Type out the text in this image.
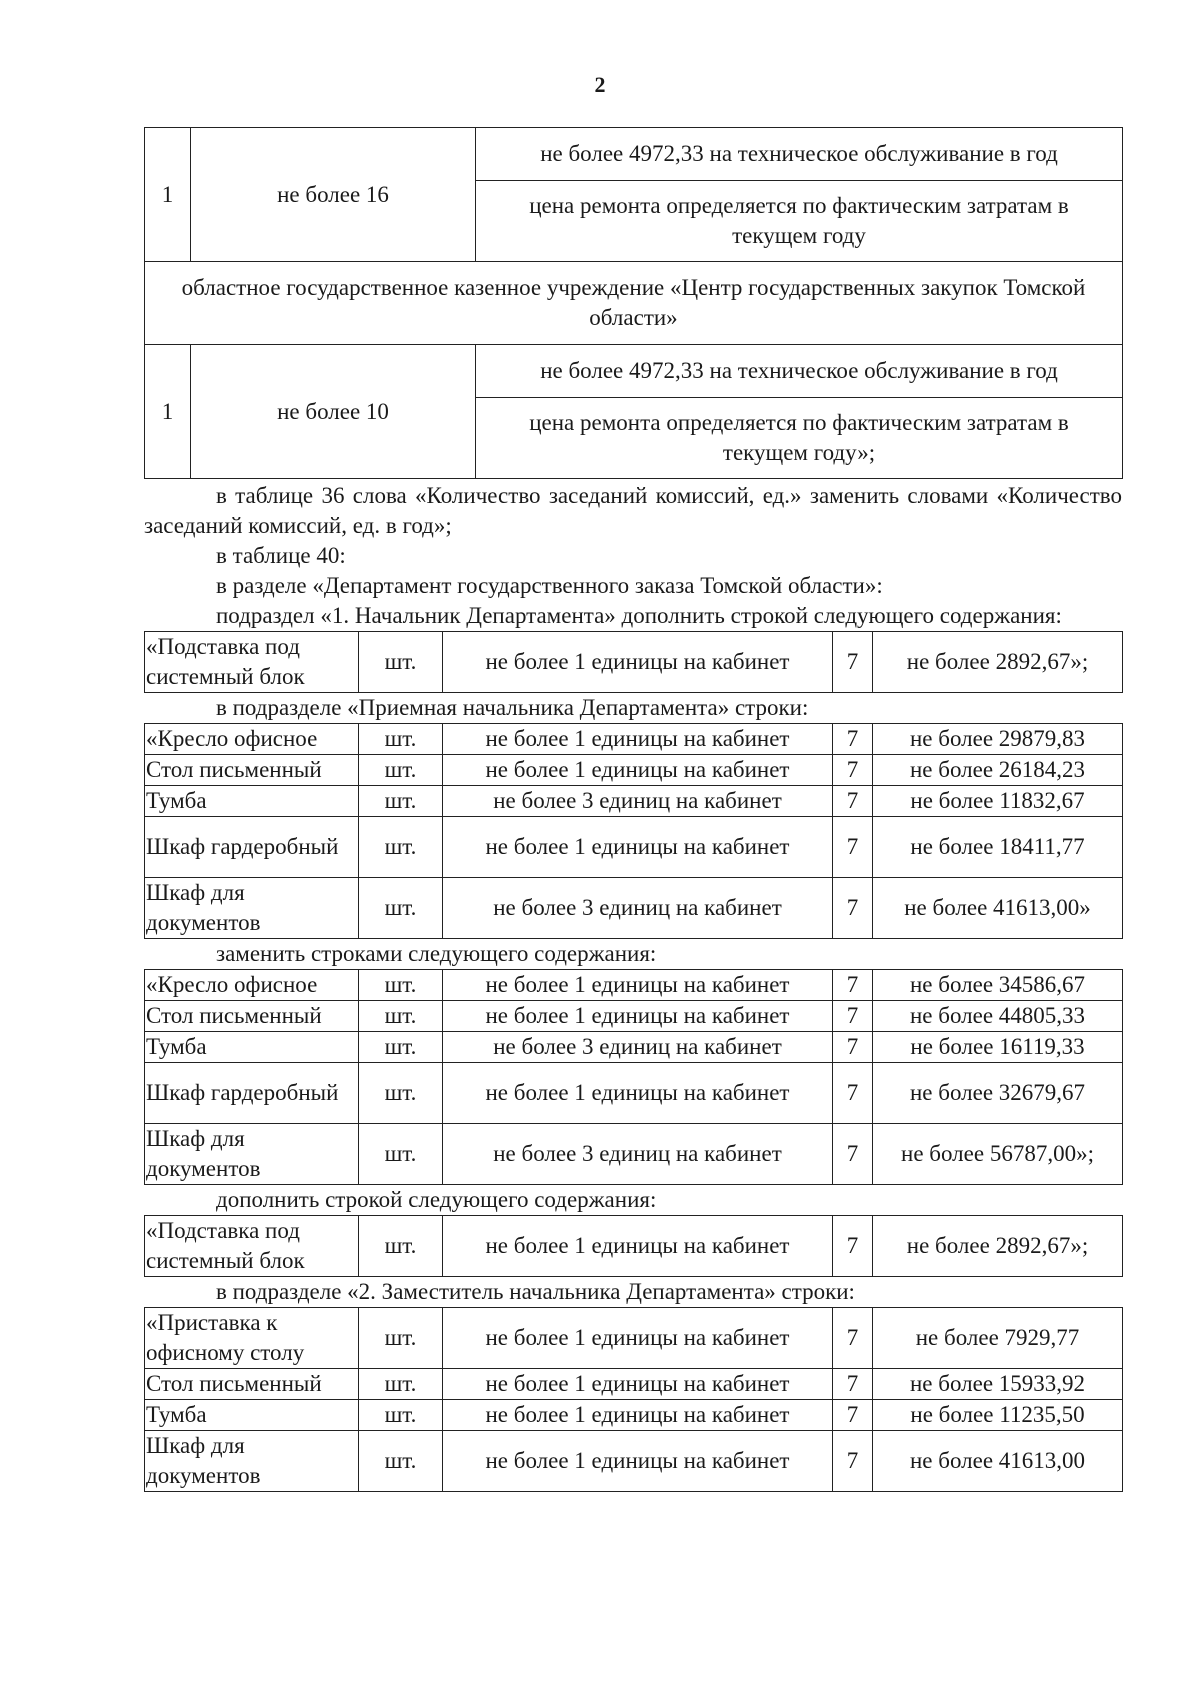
2
1	не более 16	не более 4972,33 на техническое обслуживание в год
		цена ремонта определяется по фактическим затратам в текущем году
областное государственное казенное учреждение «Центр государственных закупок Томской области»		
1	не более 10	не более 4972,33 на техническое обслуживание в год
		цена ремонта определяется по фактическим затратам в текущем году»;

в таблице 36 слова «Количество заседаний комиссий, ед.» заменить словами «Количество заседаний комиссий, ед. в год»;

в таблице 40:

в разделе «Департамент государственного заказа Томской области»:

подраздел «1. Начальник Департамента» дополнить строкой следующего содержания:

«Подставка под системный блок	шт.	не более 1 единицы на кабинет	7	не более 2892,67»;

в подразделе «Приемная начальника Департамента» строки:

«Кресло офисное	шт.	не более 1 единицы на кабинет	7	не более 29879,83
Стол письменный	шт.	не более 1 единицы на кабинет	7	не более 26184,23
Тумба	шт.	не более 3 единиц на кабинет	7	не более 11832,67
Шкаф гардеробный	шт.	не более 1 единицы на кабинет	7	не более 18411,77
Шкаф для документов	шт.	не более 3 единиц на кабинет	7	не более 41613,00»

заменить строками следующего содержания:

«Кресло офисное	шт.	не более 1 единицы на кабинет	7	не более 34586,67
Стол письменный	шт.	не более 1 единицы на кабинет	7	не более 44805,33
Тумба	шт.	не более 3 единиц на кабинет	7	не более 16119,33
Шкаф гардеробный	шт.	не более 1 единицы на кабинет	7	не более 32679,67
Шкаф для документов	шт.	не более 3 единиц на кабинет	7	не более 56787,00»;

дополнить строкой следующего содержания:

«Подставка под системный блок	шт.	не более 1 единицы на кабинет	7	не более 2892,67»;

в подразделе «2. Заместитель начальника Департамента» строки:

«Приставка к офисному столу	шт.	не более 1 единицы на кабинет	7	не более 7929,77
Стол письменный	шт.	не более 1 единицы на кабинет	7	не более 15933,92
Тумба	шт.	не более 1 единицы на кабинет	7	не более 11235,50
Шкаф для документов	шт.	не более 1 единицы на кабинет	7	не более 41613,00
